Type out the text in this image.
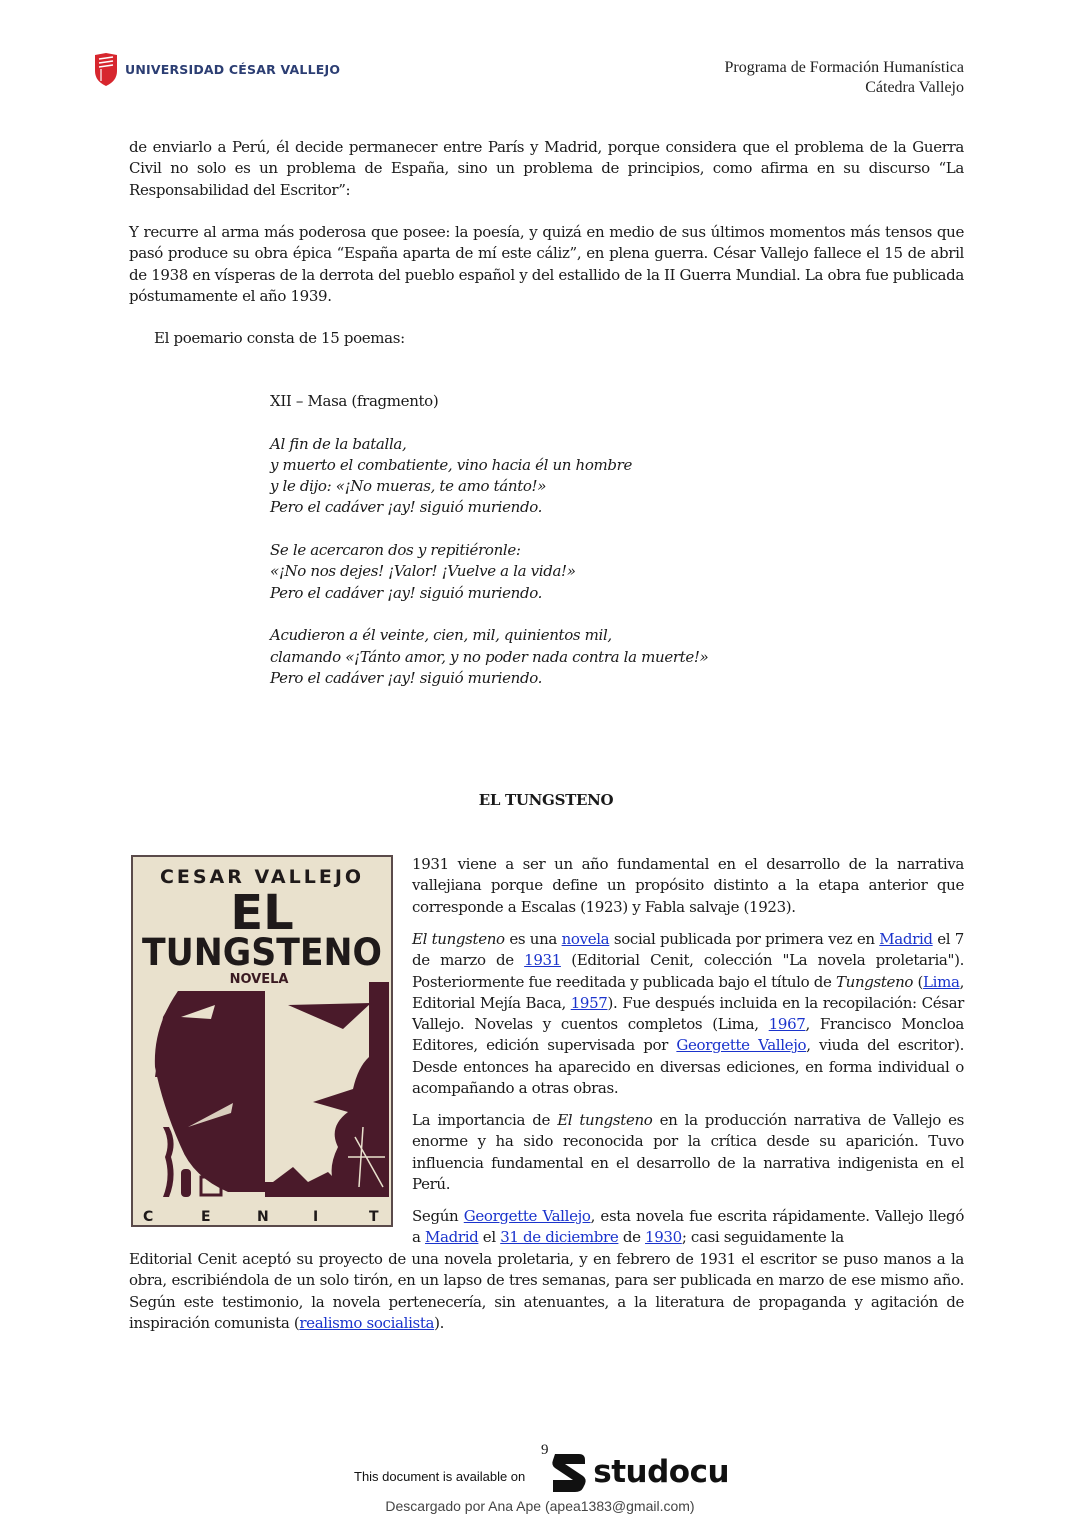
UNIVERSIDAD CÉSAR VALLEJO	Programa de Formación Humanística
Cátedra Vallejo

de enviarlo a Perú, él decide permanecer entre París y Madrid, porque considera que el problema de la Guerra Civil no solo es un problema de España, sino un problema de principios, como afirma en su discurso “La Responsabilidad del Escritor”:

Y recurre al arma más poderosa que posee: la poesía, y quizá en medio de sus últimos momentos más tensos que pasó produce su obra épica “España aparta de mí este cáliz”, en plena guerra. César Vallejo fallece el 15 de abril de 1938 en vísperas de la derrota del pueblo español y del estallido de la II Guerra Mundial. La obra fue publicada póstumamente el año 1939.

El poemario consta de 15 poemas:

XII – Masa (fragmento)
Al fin de la batalla,
y muerto el combatiente, vino hacia él un hombre
y le dijo: «¡No mueras, te amo tánto!»
Pero el cadáver ¡ay! siguió muriendo.
Se le acercaron dos y repitiéronle:
«¡No nos dejes! ¡Valor! ¡Vuelve a la vida!»
Pero el cadáver ¡ay! siguió muriendo.
Acudieron a él veinte, cien, mil, quinientos mil,
clamando «¡Tánto amor, y no poder nada contra la muerte!»
Pero el cadáver ¡ay! siguió muriendo.
EL TUNGSTENO
CESAR VALLEJO
EL
TUNGSTENO
NOVELA
C	E	N	I	T

1931 viene a ser un año fundamental en el desarrollo de la narrativa vallejiana porque define un propósito distinto a la etapa anterior que corresponde a Escalas (1923) y Fabla salvaje (1923).

El tungsteno es una novela social publicada por primera vez en Madrid el 7 de marzo de 1931 (Editorial Cenit, colección "La novela proletaria"). Posteriormente fue reeditada y publicada bajo el título de Tungsteno (Lima, Editorial Mejía Baca, 1957). Fue después incluida en la recopilación: César Vallejo. Novelas y cuentos completos (Lima, 1967, Francisco Moncloa Editores, edición supervisada por Georgette Vallejo, viuda del escritor). Desde entonces ha aparecido en diversas ediciones, en forma individual o acompañando a otras obras.

La importancia de El tungsteno en la producción narrativa de Vallejo es enorme y ha sido reconocida por la crítica desde su aparición. Tuvo influencia fundamental en el desarrollo de la narrativa indigenista en el Perú.

Según Georgette Vallejo, esta novela fue escrita rápidamente. Vallejo llegó a Madrid el 31 de diciembre de 1930; casi seguidamente la

Editorial Cenit aceptó su proyecto de una novela proletaria, y en febrero de 1931 el escritor se puso manos a la obra, escribiéndola de un solo tirón, en un lapso de tres semanas, para ser publicada en marzo de ese mismo año. Según este testimonio, la novela pertenecería, sin atenuantes, a la literatura de propaganda y agitación de inspiración comunista (realismo socialista).

9
This document is available on studocu
Descargado por Ana Ape (apea1383@gmail.com)
